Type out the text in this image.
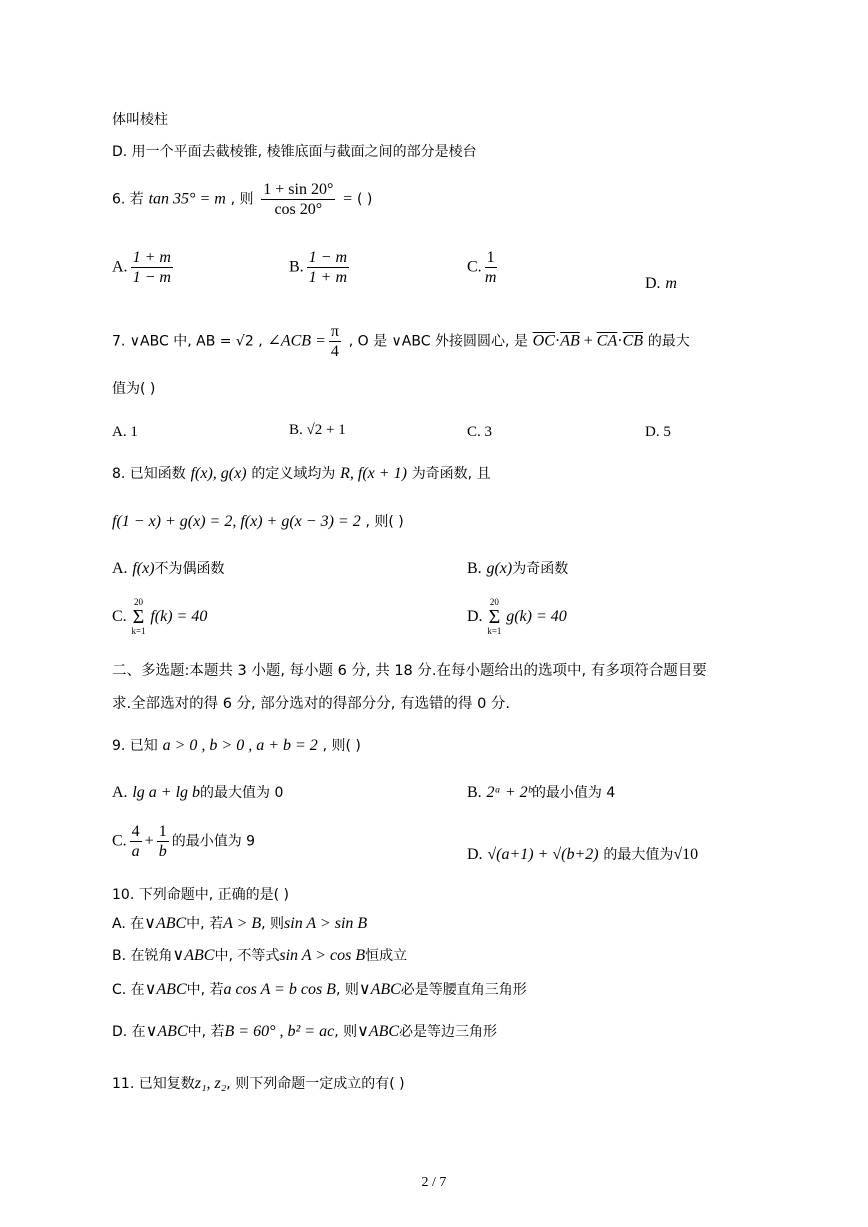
体叫棱柱
D. 用一个平面去截棱锥, 棱锥底面与截面之间的部分是棱台
6. 若 tan 35° = m , 则 $\frac{1 + \sin 20^\circ}{\cos 20^\circ}$ = ( )
A. $\frac{1 + m}{1 - m}$	B. $\frac{1 - m}{1 + m}$	C. $\frac{1}{m}$	D. m
7. ∨ABC 中, AB = √2 , ∠ACB = $\frac{\pi}{4}$ , O 是 ∨ABC 外接圆圆心, 是 $\overline{OC}\cdot\overline{AB} + \overline{CA}\cdot\overline{CB}$ 的最大
值为( )
A. 1	B. √2 + 1	C. 3	D. 5
8. 已知函数 f(x), g(x) 的定义域均为 R, f(x + 1) 为奇函数, 且
f(1 − x) + g(x) = 2, f(x) + g(x − 3) = 2 , 则( )
A. f(x)不为偶函数	B. g(x)为奇函数
C.
20
Σ
k=1
f(k) = 40	D.
20
Σ
k=1
g(k) = 40
二、多选题:本题共 3 小题, 每小题 6 分, 共 18 分.在每小题给出的选项中, 有多项符合题目要
求.全部选对的得 6 分, 部分选对的得部分分, 有选错的得 0 分.
9. 已知 a > 0 , b > 0 , a + b = 2 , 则( )
A. lg a + lg b的最大值为 0	B. 2ᵃ + 2ᵇ的最小值为 4
C. $\frac{4}{a} + \frac{1}{b}$ 的最小值为 9
D. √(a+1) + √(b+2) 的最大值为√10
10. 下列命题中, 正确的是( )
A. 在∨ABC中, 若A > B, 则sin A > sin B
B. 在锐角∨ABC中, 不等式sin A > cos B恒成立
C. 在∨ABC中, 若a cos A = b cos B, 则∨ABC必是等腰直角三角形
D. 在∨ABC中, 若B = 60° , b² = ac, 则∨ABC必是等边三角形
11. 已知复数z₁, z₂, 则下列命题一定成立的有( )
2 / 7
